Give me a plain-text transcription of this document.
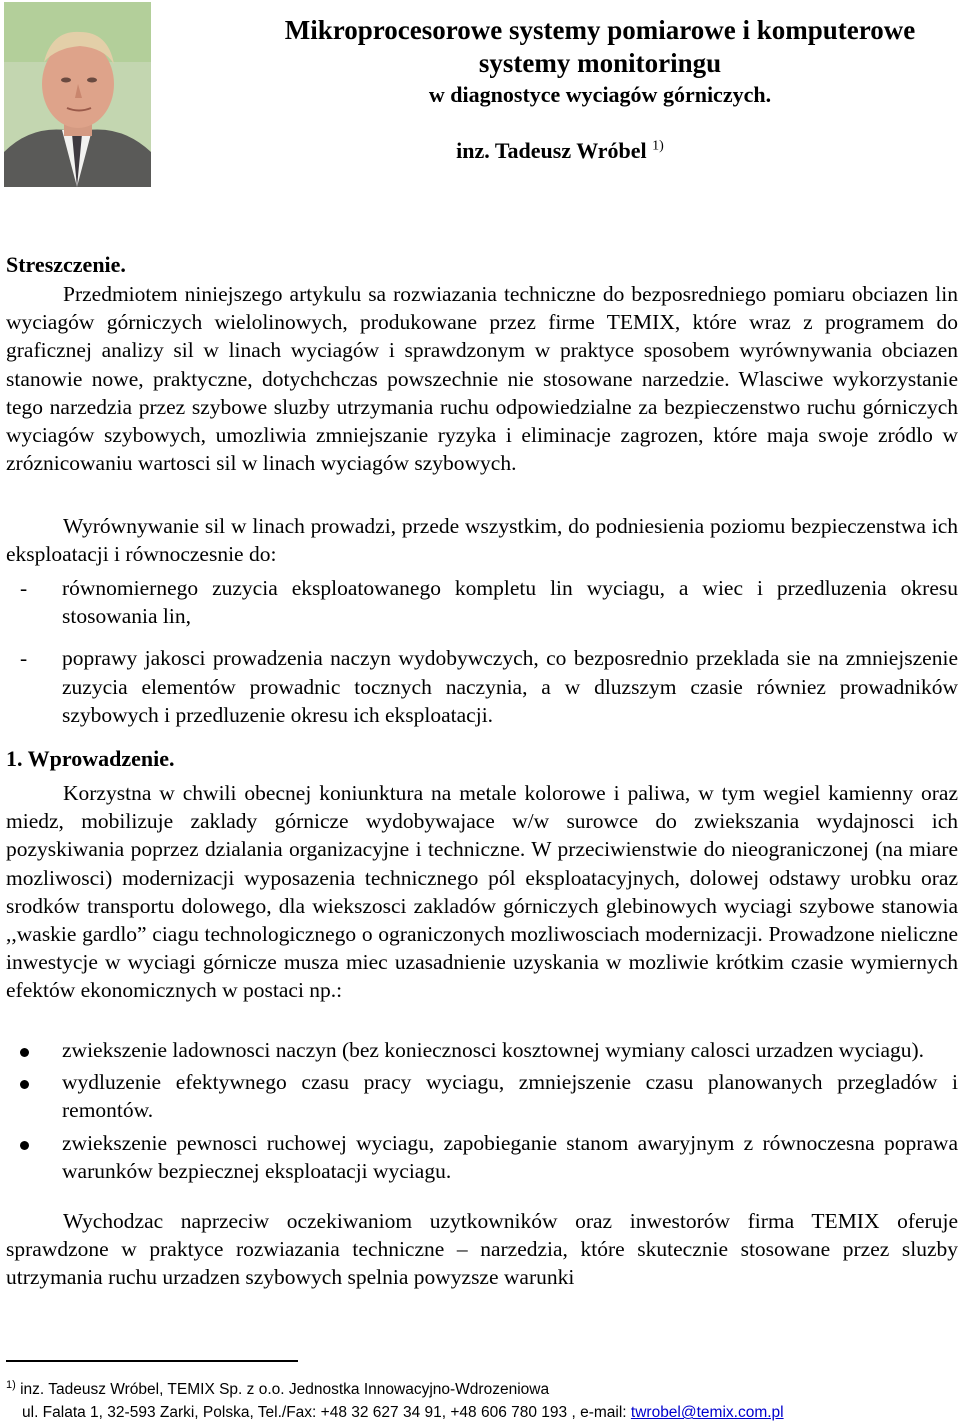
Mikroprocesorowe systemy pomiarowe i komputerowe

systemy monitoringu

w diagnostyce wyciagów górniczych.

inz. Tadeusz Wróbel $^{1)}$
Streszczenie.
Przedmiotem niniejszego artykulu sa rozwiazania techniczne do bezposredniego pomiaru obciazen lin wyciagów górniczych wielolinowych, produkowane przez firme TEMIX, które wraz z programem do graficznej analizy sil w linach wyciagów i sprawdzonym w praktyce sposobem wyrównywania obciazen stanowie nowe, praktyczne, dotychchczas powszechnie nie stosowane narzedzie. Wlasciwe wykorzystanie tego narzedzia przez szybowe sluzby utrzymania ruchu odpowiedzialne za bezpieczenstwo ruchu górniczych wyciagów szybowych, umozliwia zmniejszanie ryzyka i eliminacje zagrozen, które maja swoje zródlo w zróznicowaniu wartosci sil w linach wyciagów szybowych.
Wyrównywanie sil w linach prowadzi, przede wszystkim, do podniesienia poziomu bezpieczenstwa ich eksploatacji i równoczesnie do:
- równomiernego zuzycia eksploatowanego kompletu lin wyciagu, a wiec i przedluzenia okresu stosowania lin,
- poprawy jakosci prowadzenia naczyn wydobywczych, co bezposrednio przeklada sie na zmniejszenie zuzycia elementów prowadnic tocznych naczynia, a w dluzszym czasie równiez prowadników szybowych i przedluzenie okresu ich eksploatacji.
1. Wprowadzenie.
Korzystna w chwili obecnej koniunktura na metale kolorowe i paliwa, w tym wegiel kamienny oraz miedz, mobilizuje zaklady górnicze wydobywajace w/w surowce do zwiekszania wydajnosci ich pozyskiwania poprzez dzialania organizacyjne i techniczne. W przeciwienstwie do nieograniczonej (na miare mozliwosci) modernizacji wyposazenia technicznego pól eksploatacyjnych, dolowej odstawy urobku oraz srodków transportu dolowego, dla wiekszosci zakladów górniczych glebinowych wyciagi szybowe stanowia ,,waskie gardlo” ciagu technologicznego o ograniczonych mozliwosciach modernizacji. Prowadzone nieliczne inwestycje w wyciagi górnicze musza miec uzasadnienie uzyskania w mozliwie krótkim czasie wymiernych efektów ekonomicznych w postaci np.:
zwiekszenie ladownosci naczyn (bez koniecznosci kosztownej wymiany calosci urzadzen wyciagu).
wydluzenie efektywnego czasu pracy wyciagu, zmniejszenie czasu planowanych przegladów i remontów.
zwiekszenie pewnosci ruchowej wyciagu, zapobieganie stanom awaryjnym z równoczesna poprawa warunków bezpiecznej eksploatacji wyciagu.
Wychodzac naprzeciw oczekiwaniom uzytkowników oraz inwestorów firma TEMIX oferuje sprawdzone w praktyce rozwiazania techniczne – narzedzia, które skutecznie stosowane przez sluzby utrzymania ruchu urzadzen szybowych spelnia powyzsze warunki
$^{1)}$ inz. Tadeusz Wróbel, TEMIX Sp. z o.o. Jednostka Innowacyjno-Wdrozeniowa
ul. Falata 1, 32-593 Zarki, Polska, Tel./Fax: +48 32 627 34 91, +48 606 780 193 , e-mail: twrobel@temix.com.pl
